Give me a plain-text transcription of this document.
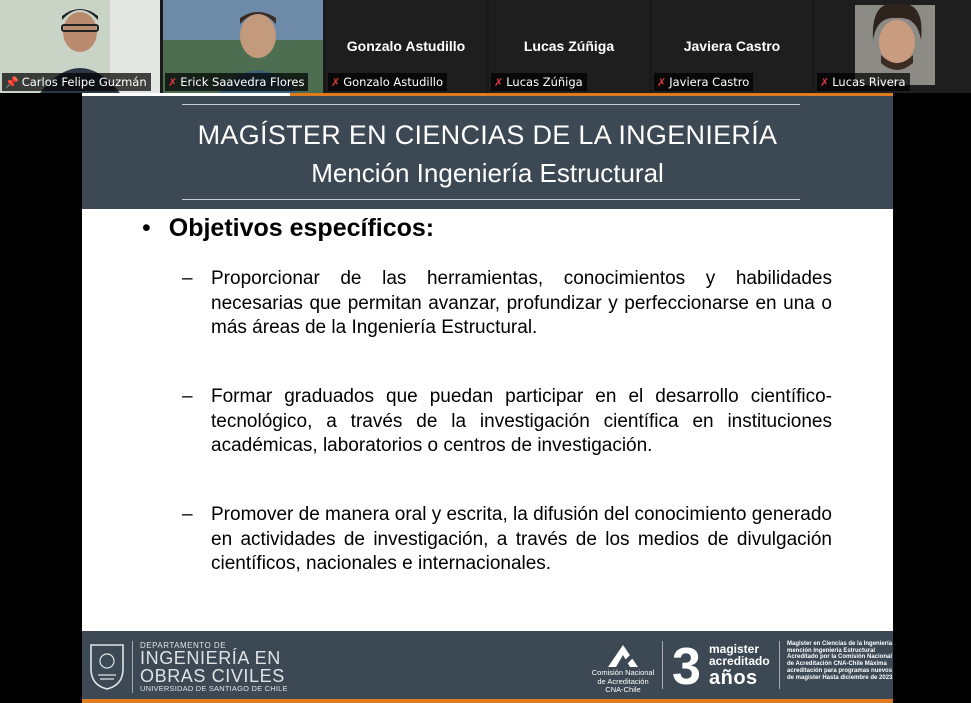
📌 Carlos Felipe Guzmán ✗ Erick Saavedra Flores
Gonzalo Astudillo
✗ Gonzalo Astudillo
Lucas Zúñiga
✗ Lucas Zúñiga
Javiera Castro
✗ Javiera Castro	✗ Lucas Rivera
MAGÍSTER EN CIENCIAS DE LA INGENIERÍA
Mención Ingeniería Estructural
• Objetivos específicos:
– Proporcionar de las herramientas, conocimientos y habilidades necesarias que permitan avanzar, profundizar y perfeccionarse en una o más áreas de la Ingeniería Estructural.
– Formar graduados que puedan participar en el desarrollo científico-tecnológico, a través de la investigación científica en instituciones académicas, laboratorios o centros de investigación.
– Promover de manera oral y escrita, la difusión del conocimiento generado en actividades de investigación, a través de los medios de divulgación científicos, nacionales e internacionales.
DEPARTAMENTO DE
INGENIERÍA EN
OBRAS CIVILES
UNIVERSIDAD DE SANTIAGO DE CHILE
Comisión Nacional
de Acreditación
CNA-Chile 3 magister
acreditado
años
Magister en Ciencias de la Ingeniería mención Ingeniería Estructural Acreditado por la Comisión Nacional de Acreditación CNA-Chile Máxima acreditación para programas nuevos de magister Hasta diciembre de 2023
